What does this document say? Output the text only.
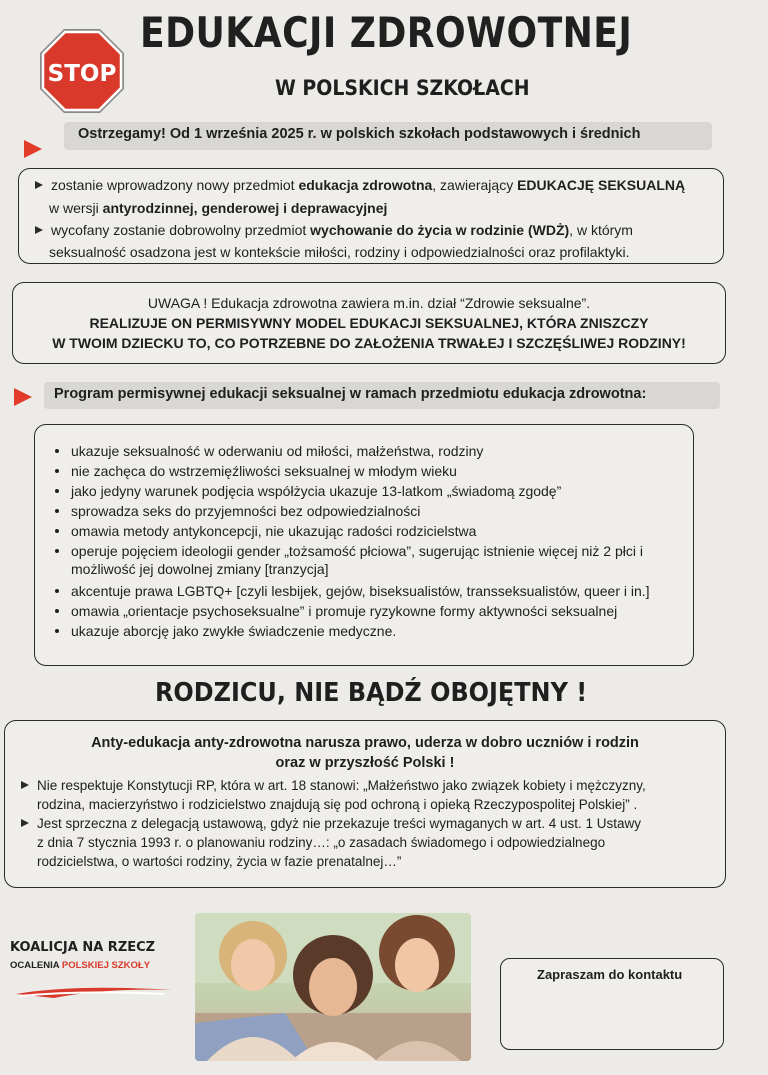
STOP
EDUKACJI ZDROWOTNEJ
W POLSKICH SZKOŁACH
Ostrzegamy! Od 1 września 2025 r. w polskich szkołach podstawowych i średnich
zostanie wprowadzony nowy przedmiot edukacja zdrowotna, zawierający EDUKACJĘ SEKSUALNĄ
w wersji antyrodzinnej, genderowej i deprawacyjnej
wycofany zostanie dobrowolny przedmiot wychowanie do życia w rodzinie (WDŻ), w którym
seksualność osadzona jest w kontekście miłości, rodziny i odpowiedzialności oraz profilaktyki.
UWAGA ! Edukacja zdrowotna zawiera m.in. dział “Zdrowie seksualne”.
REALIZUJE ON PERMISYWNY MODEL EDUKACJI SEKSUALNEJ, KTÓRA ZNISZCZY
W TWOIM DZIECKU TO, CO POTRZEBNE DO ZAŁOŻENIA TRWAŁEJ I SZCZĘŚLIWEJ RODZINY!
Program permisywnej edukacji seksualnej w ramach przedmiotu edukacja zdrowotna:
ukazuje seksualność w oderwaniu od miłości, małżeństwa, rodziny
nie zachęca do wstrzemięźliwości seksualnej w młodym wieku
jako jedyny warunek podjęcia współżycia ukazuje 13-latkom „świadomą zgodę”
sprowadza seks do przyjemności bez odpowiedzialności
omawia metody antykoncepcji, nie ukazując radości rodzicielstwa
operuje pojęciem ideologii gender „tożsamość płciowa”, sugerując istnienie więcej niż 2 płci i
możliwość jej dowolnej zmiany [tranzycja]
akcentuje prawa LGBTQ+ [czyli lesbijek, gejów, biseksualistów, transseksualistów, queer i in.]
omawia „orientacje psychoseksualne” i promuje ryzykowne formy aktywności seksualnej
ukazuje aborcję jako zwykłe świadczenie medyczne.
RODZICU, NIE BĄDŹ OBOJĘTNY !
Anty-edukacja anty-zdrowotna narusza prawo, uderza w dobro uczniów i rodzin
oraz w przyszłość Polski !
Nie respektuje Konstytucji RP, która w art. 18 stanowi: „Małżeństwo jako związek kobiety i mężczyzny,
rodzina, macierzyństwo i rodzicielstwo znajdują się pod ochroną i opieką Rzeczypospolitej Polskiej” .
Jest sprzeczna z delegacją ustawową, gdyż nie przekazuje treści wymaganych w art. 4 ust. 1 Ustawy
z dnia 7 stycznia 1993 r. o planowaniu rodziny…: „o zasadach świadomego i odpowiedzialnego
rodzicielstwa, o wartości rodziny, życia w fazie prenatalnej…”
KOALICJA NA RZECZ
OCALENIA POLSKIEJ SZKOŁY
Zapraszam do kontaktu
